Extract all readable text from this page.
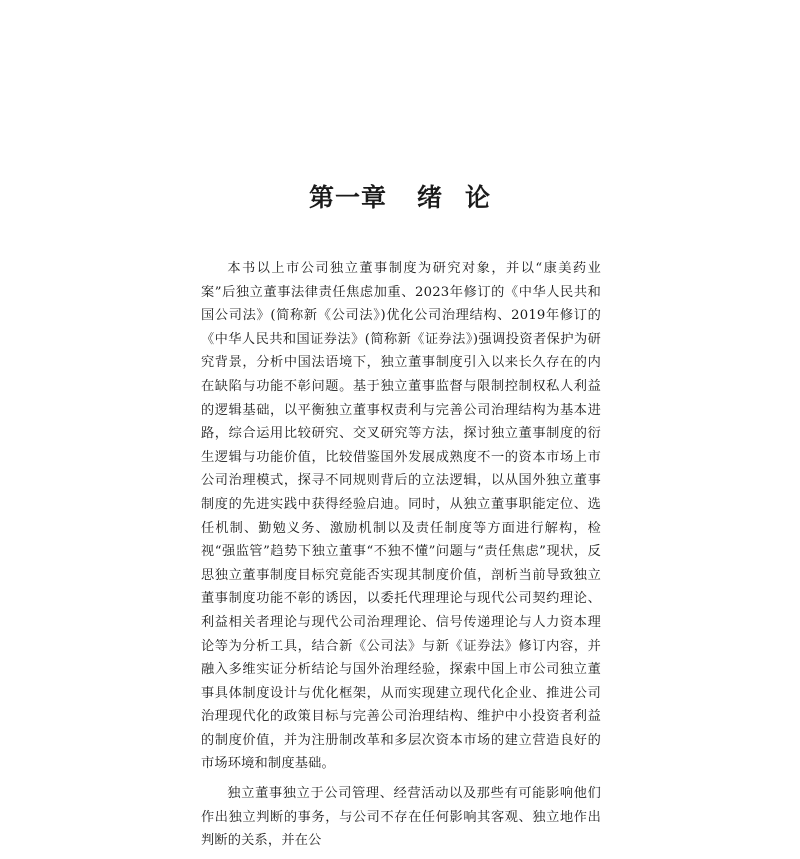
第一章 绪 论

本书以上市公司独立董事制度为研究对象，并以“康美药业案”后独立董事法律责任焦虑加重、2023年修订的《中华人民共和国公司法》(简称新《公司法》)优化公司治理结构、2019年修订的《中华人民共和国证券法》(简称新《证券法》)强调投资者保护为研究背景，分析中国法语境下，独立董事制度引入以来长久存在的内在缺陷与功能不彰问题。基于独立董事监督与限制控制权私人利益的逻辑基础，以平衡独立董事权责利与完善公司治理结构为基本进路，综合运用比较研究、交叉研究等方法，探讨独立董事制度的衍生逻辑与功能价值，比较借鉴国外发展成熟度不一的资本市场上市公司治理模式，探寻不同规则背后的立法逻辑，以从国外独立董事制度的先进实践中获得经验启迪。同时，从独立董事职能定位、选任机制、勤勉义务、激励机制以及责任制度等方面进行解构，检视“强监管”趋势下独立董事“不独不懂”问题与“责任焦虑”现状，反思独立董事制度目标究竟能否实现其制度价值，剖析当前导致独立董事制度功能不彰的诱因，以委托代理理论与现代公司契约理论、利益相关者理论与现代公司治理理论、信号传递理论与人力资本理论等为分析工具，结合新《公司法》与新《证券法》修订内容，并融入多维实证分析结论与国外治理经验，探索中国上市公司独立董事具体制度设计与优化框架，从而实现建立现代化企业、推进公司治理现代化的政策目标与完善公司治理结构、维护中小投资者利益的制度价值，并为注册制改革和多层次资本市场的建立营造良好的市场环境和制度基础。

独立董事独立于公司管理、经营活动以及那些有可能影响他们作出独立判断的事务，与公司不存在任何影响其客观、独立地作出判断的关系，并在公
